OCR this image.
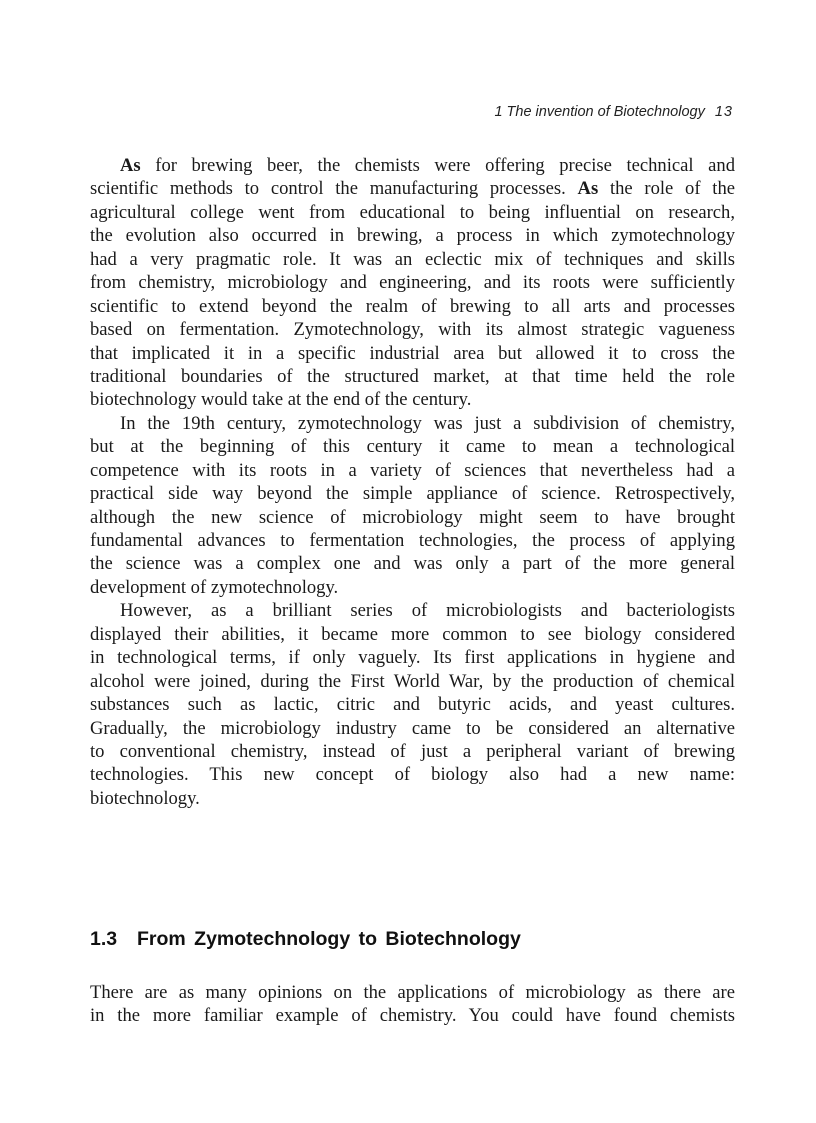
1 The invention of Biotechnology 13
As for brewing beer, the chemists were offering precise technical and
scientific methods to control the manufacturing processes. As the role of the
agricultural college went from educational to being influential on research,
the evolution also occurred in brewing, a process in which zymotechnology
had a very pragmatic role. It was an eclectic mix of techniques and skills
from chemistry, microbiology and engineering, and its roots were sufficiently
scientific to extend beyond the realm of brewing to all arts and processes
based on fermentation. Zymotechnology, with its almost strategic vagueness
that implicated it in a specific industrial area but allowed it to cross the
traditional boundaries of the structured market, at that time held the role
biotechnology would take at the end of the century.
In the 19th century, zymotechnology was just a subdivision of chemistry,
but at the beginning of this century it came to mean a technological
competence with its roots in a variety of sciences that nevertheless had a
practical side way beyond the simple appliance of science. Retrospectively,
although the new science of microbiology might seem to have brought
fundamental advances to fermentation technologies, the process of applying
the science was a complex one and was only a part of the more general
development of zymotechnology.
However, as a brilliant series of microbiologists and bacteriologists
displayed their abilities, it became more common to see biology considered
in technological terms, if only vaguely. Its first applications in hygiene and
alcohol were joined, during the First World War, by the production of chemical
substances such as lactic, citric and butyric acids, and yeast cultures.
Gradually, the microbiology industry came to be considered an alternative
to conventional chemistry, instead of just a peripheral variant of brewing
technologies. This new concept of biology also had a new name:
biotechnology.
1.3 From Zymotechnology to Biotechnology
There are as many opinions on the applications of microbiology as there are
in the more familiar example of chemistry. You could have found chemists
